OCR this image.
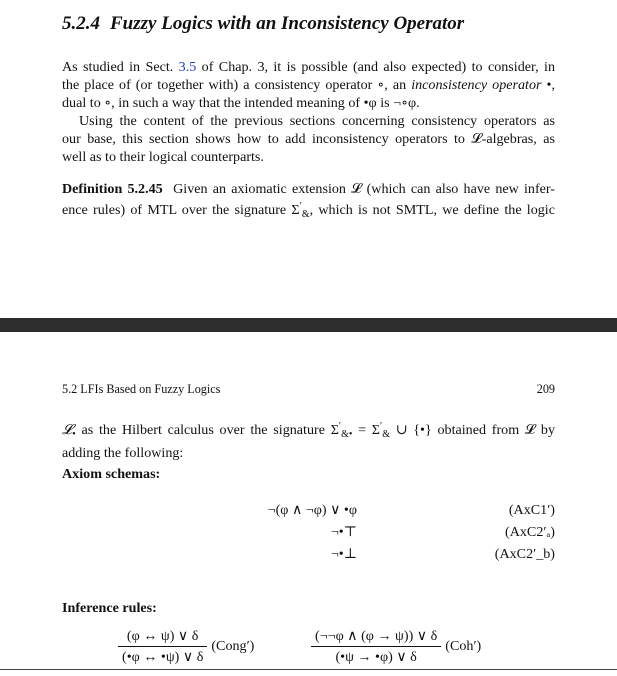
5.2.4 Fuzzy Logics with an Inconsistency Operator
As studied in Sect. 3.5 of Chap. 3, it is possible (and also expected) to consider, in
the place of (or together with) a consistency operator ∘, an inconsistency operator •,
dual to ∘, in such a way that the intended meaning of •φ is ¬∘φ.
Using the content of the previous sections concerning consistency operators as
our base, this section shows how to add inconsistency operators to 𝓛-algebras, as
well as to their logical counterparts.
Definition 5.2.45 Given an axiomatic extension 𝓛 (which can also have new infer-
ence rules) of MTL over the signature $\Sigma'_{\&}$, which is not SMTL, we define the logic
5.2 LFIs Based on Fuzzy Logics	209
𝓛$_•$ as the Hilbert calculus over the signature $\Sigma'_{\&•} = \Sigma'_{\&}$ ∪ {•} obtained from 𝓛 by
adding the following:
Axiom schemas:
¬(φ ∧ ¬φ) ∨ •φ	(AxC1′)
¬•⊤	(AxC2′ₐ)
¬•⊥	(AxC2′_b)
Inference rules:
$\frac{(\varphi \leftrightarrow \psi) \vee \delta}{(•\varphi \leftrightarrow •\psi) \vee \delta}$ (Cong′)	$\frac{(\neg\neg\varphi \wedge (\varphi \to \psi)) \vee \delta}{(•\psi \to •\varphi) \vee \delta} (Coh')$
